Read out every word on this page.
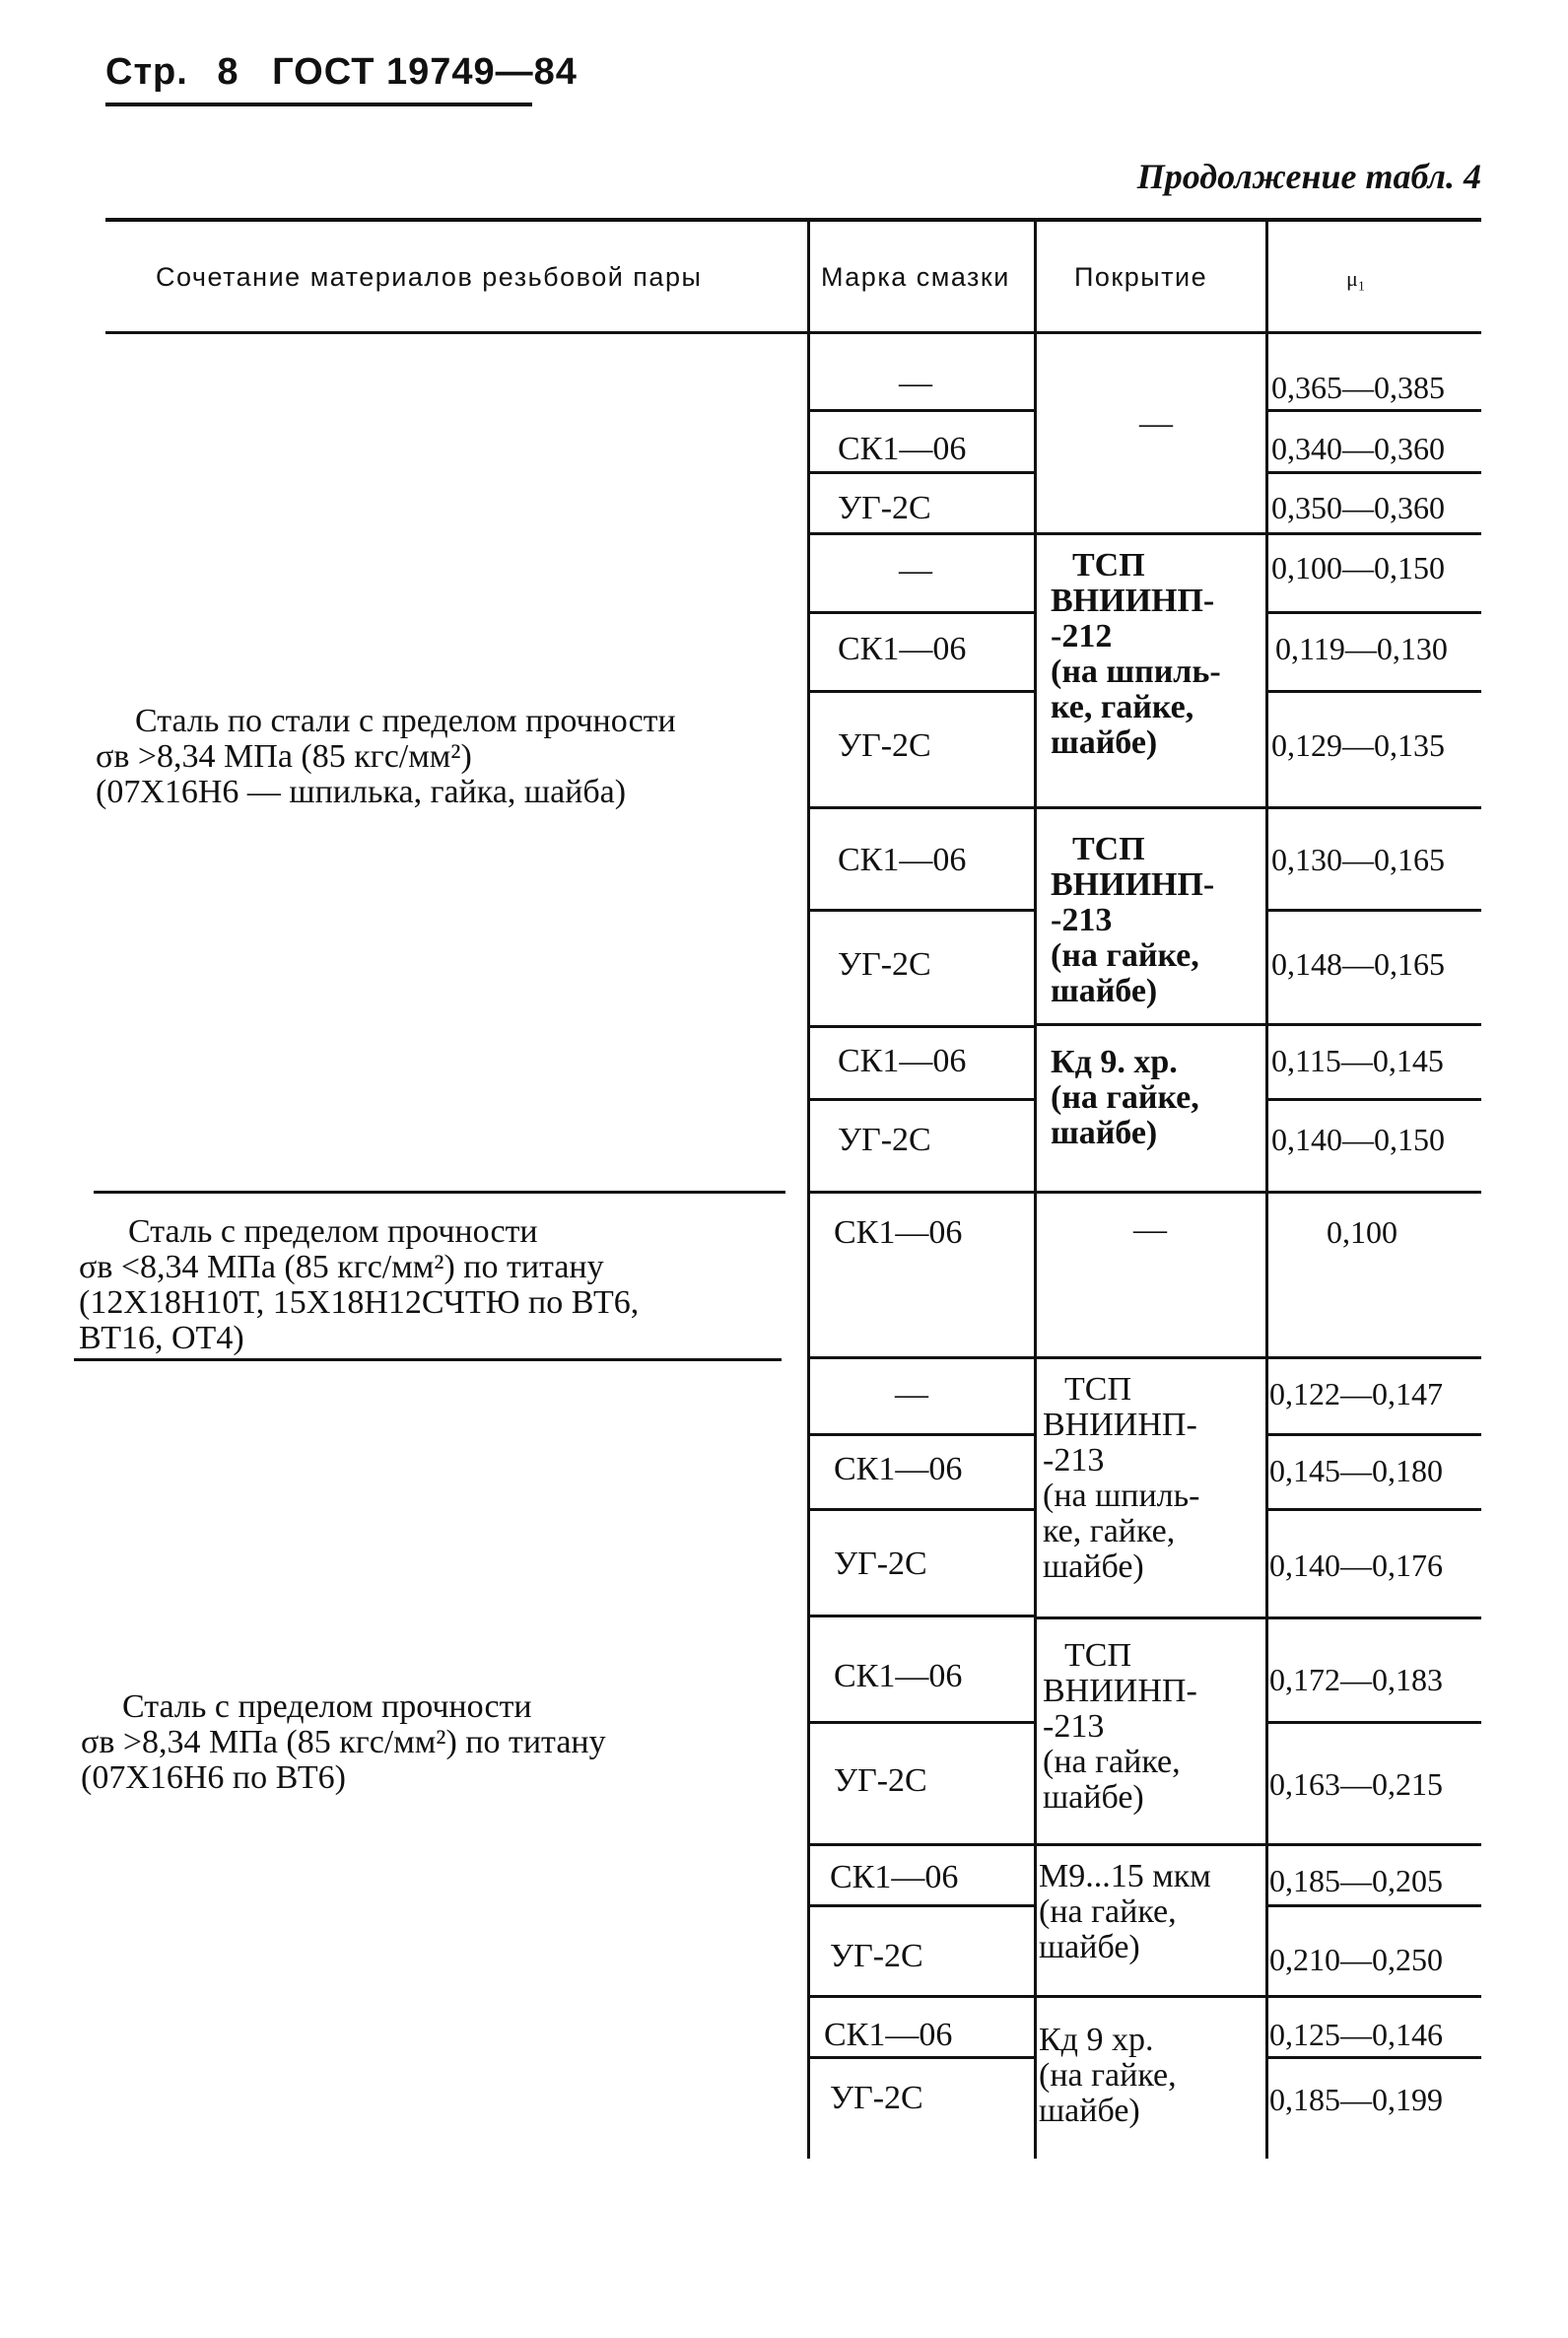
Стр. 8 ГОСТ 19749—84
Продолжение табл. 4
Сочетание материалов резьбовой пары	Марка смазки Покрытие	μ₁
Сталь по стали с пределом прочности
σв >8,34 МПа (85 кгс/мм²)
(07Х16Н6 — шпилька, гайка, шайба)
Сталь с пределом прочности
σв <8,34 МПа (85 кгс/мм²) по титану
(12Х18Н10Т, 15Х18Н12СЧТЮ по ВТ6,
ВТ16, ОТ4)
Сталь с пределом прочности
σв >8,34 МПа (85 кгс/мм²) по титану
(07Х16Н6 по ВТ6)
—
СК1—06
УГ-2С
—
СК1—06
УГ-2С
СК1—06
УГ-2С
СК1—06
УГ-2С
СК1—06
—
СК1—06
УГ-2С
СК1—06
УГ-2С
СК1—06
УГ-2С
СК1—06
УГ-2С
—
ТСП
ВНИИНП-
-212
(на шпиль-
ке, гайке,
шайбе)
ТСП
ВНИИНП-
-213
(на гайке,
шайбе)
Кд 9. хр.
(на гайке,
шайбе)
—
ТСП
ВНИИНП-
-213
(на шпиль-
ке, гайке,
шайбе)
ТСП
ВНИИНП-
-213
(на гайке,
шайбе)
М9...15 мкм
(на гайке,
шайбе)
Кд 9 хр.
(на гайке,
шайбе)
0,365—0,385
0,340—0,360
0,350—0,360
0,100—0,150
0,119—0,130
0,129—0,135
0,130—0,165
0,148—0,165
0,115—0,145
0,140—0,150
0,100
0,122—0,147
0,145—0,180
0,140—0,176
0,172—0,183
0,163—0,215
0,185—0,205
0,210—0,250
0,125—0,146
0,185—0,199
